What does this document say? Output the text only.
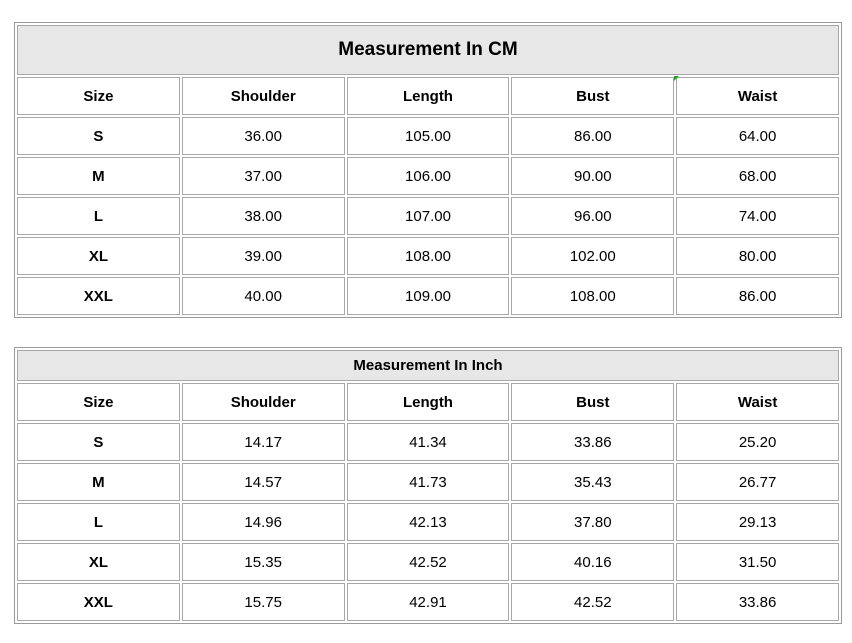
Measurement In CM				
Size	Shoulder	Length	Bust	Waist
S	36.00	105.00	86.00	64.00
M	37.00	106.00	90.00	68.00
L	38.00	107.00	96.00	74.00
XL	39.00	108.00	102.00	80.00
XXL	40.00	109.00	108.00	86.00
Measurement In Inch				
Size	Shoulder	Length	Bust	Waist
S	14.17	41.34	33.86	25.20
M	14.57	41.73	35.43	26.77
L	14.96	42.13	37.80	29.13
XL	15.35	42.52	40.16	31.50
XXL	15.75	42.91	42.52	33.86
